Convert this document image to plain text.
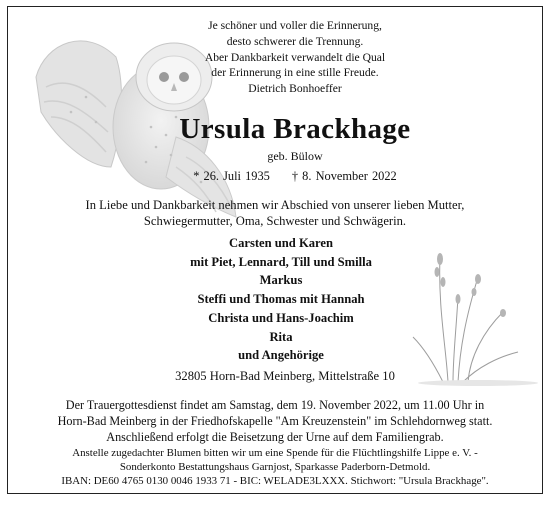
Je schöner und voller die Erinnerung,
desto schwerer die Trennung.
Aber Dankbarkeit verwandelt die Qual
der Erinnerung in eine stille Freude.
Dietrich Bonhoeffer
Ursula Brackhage
geb. Bülow
* 26. Juli 1935 † 8. November 2022
In Liebe und Dankbarkeit nehmen wir Abschied von unserer lieben Mutter,
Schwiegermutter, Oma, Schwester und Schwägerin.
Carsten und Karen
mit Piet, Lennard, Till und Smilla
Markus
Steffi und Thomas mit Hannah
Christa und Hans-Joachim
Rita
und Angehörige
32805 Horn-Bad Meinberg, Mittelstraße 10
Der Trauergottesdienst findet am Samstag, dem 19. November 2022, um 11.00 Uhr in
Horn-Bad Meinberg in der Friedhofskapelle "Am Kreuzenstein" im Schlehdornweg statt.
Anschließend erfolgt die Beisetzung der Urne auf dem Familiengrab.
Anstelle zugedachter Blumen bitten wir um eine Spende für die Flüchtlingshilfe Lippe e. V. -
Sonderkonto Bestattungshaus Garnjost, Sparkasse Paderborn-Detmold.
IBAN: DE60 4765 0130 0046 1933 71 - BIC: WELADE3LXXX. Stichwort: "Ursula Brackhage".
